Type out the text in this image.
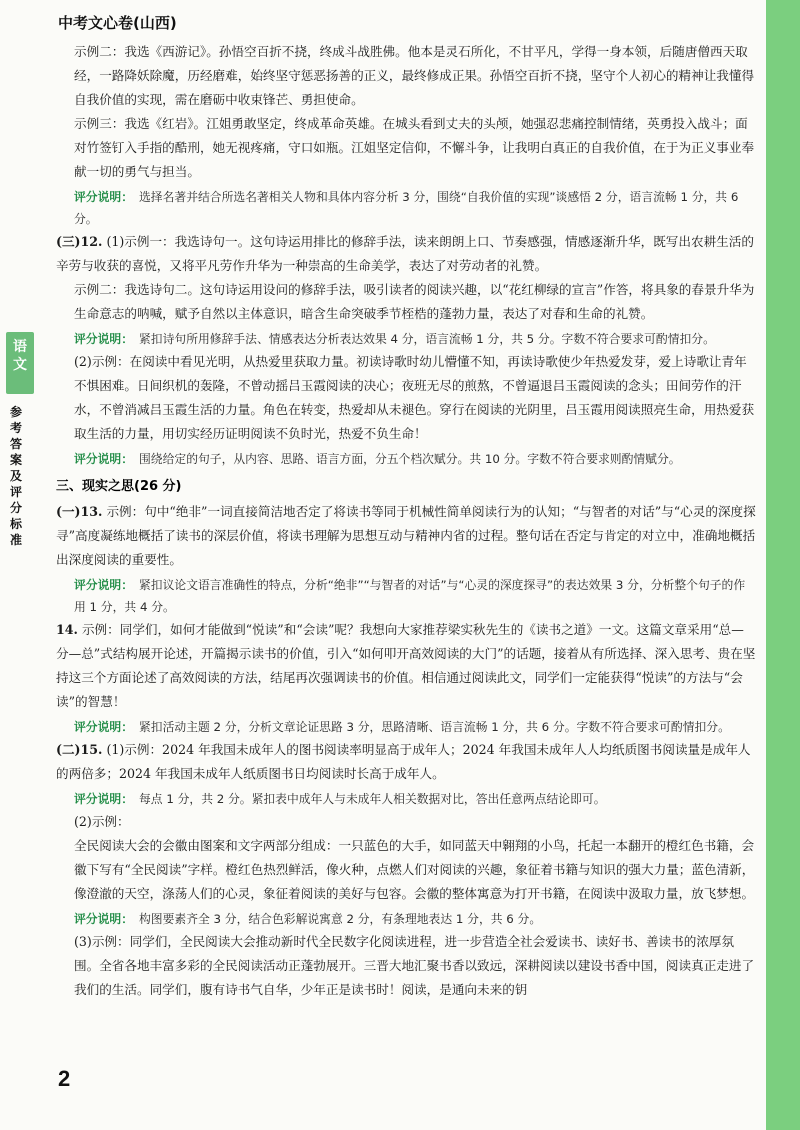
中考文心卷(山西)
语
文
参
考
答
案
及
评
分
标
准

示例二：我选《西游记》。孙悟空百折不挠，终成斗战胜佛。他本是灵石所化，不甘平凡，学得一身本领，后随唐僧西天取经，一路降妖除魔，历经磨难，始终坚守惩恶扬善的正义，最终修成正果。孙悟空百折不挠，坚守个人初心的精神让我懂得自我价值的实现，需在磨砺中收束锋芒、勇担使命。

示例三：我选《红岩》。江姐勇敢坚定，终成革命英雄。在城头看到丈夫的头颅，她强忍悲痛控制情绪，英勇投入战斗；面对竹签钉入手指的酷刑，她无视疼痛，守口如瓶。江姐坚定信仰，不懈斗争，让我明白真正的自我价值，在于为正义事业奉献一切的勇气与担当。

评分说明： 选择名著并结合所选名著相关人物和具体内容分析 3 分，围绕“自我价值的实现”谈感悟 2 分，语言流畅 1 分，共 6 分。

(三)12. (1)示例一：我选诗句一。这句诗运用排比的修辞手法，读来朗朗上口、节奏感强，情感逐渐升华，既写出农耕生活的辛劳与收获的喜悦，又将平凡劳作升华为一种崇高的生命美学，表达了对劳动者的礼赞。

示例二：我选诗句二。这句诗运用设问的修辞手法，吸引读者的阅读兴趣，以“花红柳绿的宣言”作答，将具象的春景升华为生命意志的呐喊，赋予自然以主体意识，暗含生命突破季节桎梏的蓬勃力量，表达了对春和生命的礼赞。

评分说明： 紧扣诗句所用修辞手法、情感表达分析表达效果 4 分，语言流畅 1 分，共 5 分。字数不符合要求可酌情扣分。

(2)示例：在阅读中看见光明，从热爱里获取力量。初读诗歌时幼儿懵懂不知，再读诗歌使少年热爱发芽，爱上诗歌让青年不惧困难。日间织机的轰隆，不曾动摇吕玉霞阅读的决心；夜班无尽的煎熬，不曾逼退吕玉霞阅读的念头；田间劳作的汗水，不曾消减吕玉霞生活的力量。角色在转变，热爱却从未褪色。穿行在阅读的光阴里，吕玉霞用阅读照亮生命，用热爱获取生活的力量，用切实经历证明阅读不负时光，热爱不负生命！

评分说明： 围绕给定的句子，从内容、思路、语言方面，分五个档次赋分。共 10 分。字数不符合要求则酌情赋分。
三、现实之思(26 分)

(一)13. 示例：句中“绝非”一词直接简洁地否定了将读书等同于机械性简单阅读行为的认知；“与智者的对话”与“心灵的深度探寻”高度凝练地概括了读书的深层价值，将读书理解为思想互动与精神内省的过程。整句话在否定与肯定的对立中，准确地概括出深度阅读的重要性。

评分说明： 紧扣议论文语言准确性的特点，分析“绝非”“与智者的对话”与“心灵的深度探寻”的表达效果 3 分，分析整个句子的作用 1 分，共 4 分。

14. 示例：同学们，如何才能做到“悦读”和“会读”呢？我想向大家推荐梁实秋先生的《读书之道》一文。这篇文章采用“总—分—总”式结构展开论述，开篇揭示读书的价值，引入“如何叩开高效阅读的大门”的话题，接着从有所选择、深入思考、贵在坚持这三个方面论述了高效阅读的方法，结尾再次强调读书的价值。相信通过阅读此文，同学们一定能获得“悦读”的方法与“会读”的智慧！

评分说明： 紧扣活动主题 2 分，分析文章论证思路 3 分，思路清晰、语言流畅 1 分，共 6 分。字数不符合要求可酌情扣分。

(二)15. (1)示例：2024 年我国未成年人的图书阅读率明显高于成年人；2024 年我国未成年人人均纸质图书阅读量是成年人的两倍多；2024 年我国未成年人纸质图书日均阅读时长高于成年人。

评分说明： 每点 1 分，共 2 分。紧扣表中成年人与未成年人相关数据对比，答出任意两点结论即可。

(2)示例：

全民阅读大会的会徽由图案和文字两部分组成：一只蓝色的大手，如同蓝天中翱翔的小鸟，托起一本翻开的橙红色书籍，会徽下写有“全民阅读”字样。橙红色热烈鲜活，像火种，点燃人们对阅读的兴趣，象征着书籍与知识的强大力量；蓝色清新，像澄澈的天空，涤荡人们的心灵，象征着阅读的美好与包容。会徽的整体寓意为打开书籍，在阅读中汲取力量，放飞梦想。

评分说明： 构图要素齐全 3 分，结合色彩解说寓意 2 分，有条理地表达 1 分，共 6 分。

(3)示例：同学们，全民阅读大会推动新时代全民数字化阅读进程，进一步营造全社会爱读书、读好书、善读书的浓厚氛围。全省各地丰富多彩的全民阅读活动正蓬勃展开。三晋大地汇聚书香以致远，深耕阅读以建设书香中国，阅读真正走进了我们的生活。同学们，腹有诗书气自华，少年正是读书时！阅读，是通向未来的钥

2
